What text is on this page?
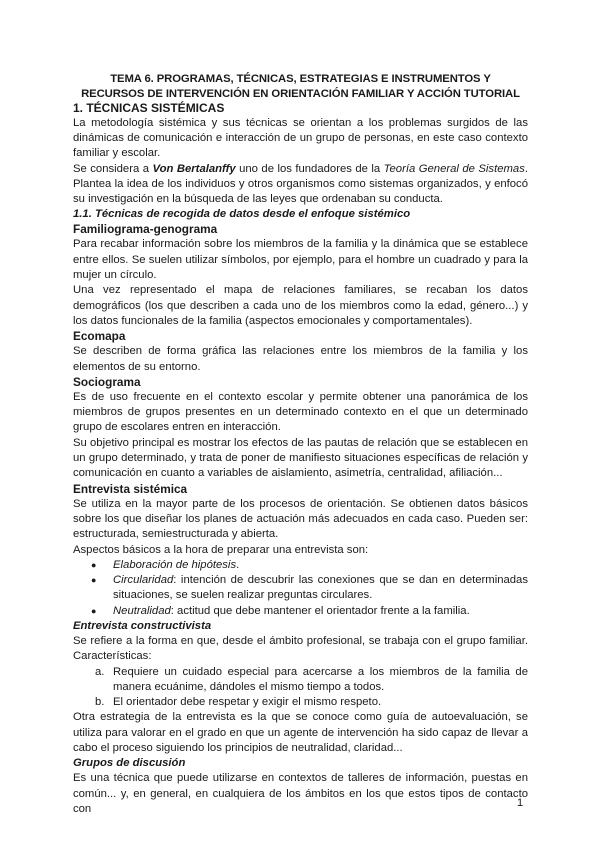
TEMA 6. PROGRAMAS, TÉCNICAS, ESTRATEGIAS E INSTRUMENTOS Y
RECURSOS DE INTERVENCIÓN EN ORIENTACIÓN FAMILIAR Y ACCIÓN TUTORIAL
1. TÉCNICAS SISTÉMICAS

La metodología sistémica y sus técnicas se orientan a los problemas surgidos de las dinámicas de comunicación e interacción de un grupo de personas, en este caso contexto familiar y escolar.

Se considera a Von Bertalanffy uno de los fundadores de la Teoría General de Sistemas. Plantea la idea de los individuos y otros organismos como sistemas organizados, y enfocó su investigación en la búsqueda de las leyes que ordenaban su conducta.

1.1. Técnicas de recogida de datos desde el enfoque sistémico
Familiograma-genograma

Para recabar información sobre los miembros de la familia y la dinámica que se establece entre ellos. Se suelen utilizar símbolos, por ejemplo, para el hombre un cuadrado y para la mujer un círculo.

Una vez representado el mapa de relaciones familiares, se recaban los datos demográficos (los que describen a cada uno de los miembros como la edad, género...) y los datos funcionales de la familia (aspectos emocionales y comportamentales).

Ecomapa

Se describen de forma gráfica las relaciones entre los miembros de la familia y los elementos de su entorno.

Sociograma

Es de uso frecuente en el contexto escolar y permite obtener una panorámica de los miembros de grupos presentes en un determinado contexto en el que un determinado grupo de escolares entren en interacción.

Su objetivo principal es mostrar los efectos de las pautas de relación que se establecen en un grupo determinado, y trata de poner de manifiesto situaciones específicas de relación y comunicación en cuanto a variables de aislamiento, asimetría, centralidad, afiliación...

Entrevista sistémica

Se utiliza en la mayor parte de los procesos de orientación. Se obtienen datos básicos sobre los que diseñar los planes de actuación más adecuados en cada caso. Pueden ser: estructurada, semiestructurada y abierta.

Aspectos básicos a la hora de preparar una entrevista son:

● Elaboración de hipótesis.
● Circularidad: intención de descubrir las conexiones que se dan en determinadas situaciones, se suelen realizar preguntas circulares.
● Neutralidad: actitud que debe mantener el orientador frente a la familia.
Entrevista constructivista

Se refiere a la forma en que, desde el ámbito profesional, se trabaja con el grupo familiar. Características:

a. Requiere un cuidado especial para acercarse a los miembros de la familia de manera ecuánime, dándoles el mismo tiempo a todos.
b. El orientador debe respetar y exigir el mismo respeto.

Otra estrategia de la entrevista es la que se conoce como guía de autoevaluación, se utiliza para valorar en el grado en que un agente de intervención ha sido capaz de llevar a cabo el proceso siguiendo los principios de neutralidad, claridad...

Grupos de discusión

Es una técnica que puede utilizarse en contextos de talleres de información, puestas en común... y, en general, en cualquiera de los ámbitos en los que estos tipos de contacto con	1
